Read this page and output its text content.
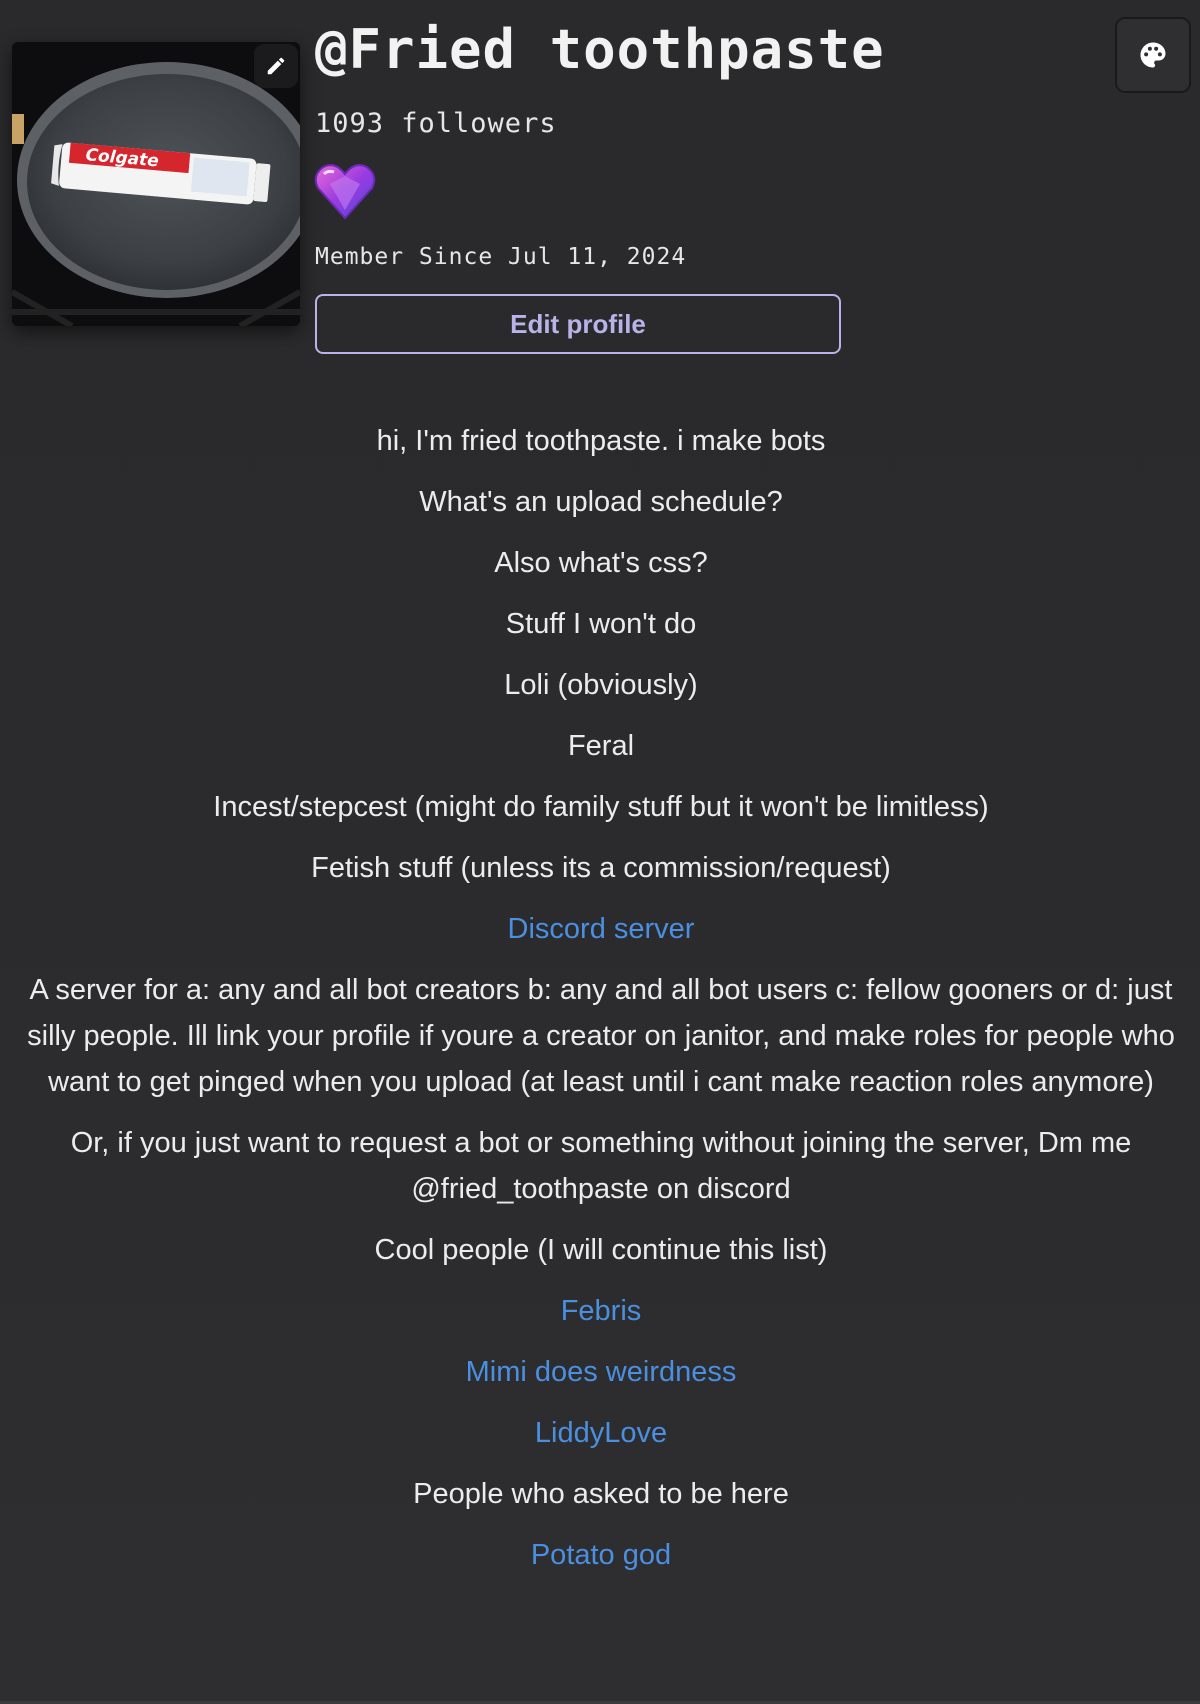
Colgate
@Fried toothpaste
1093 followers
Member Since Jul 11, 2024
Edit profile

hi, I'm fried toothpaste. i make bots

What's an upload schedule?

Also what's css?

Stuff I won't do

Loli (obviously)

Feral

Incest/stepcest (might do family stuff but it won't be limitless)

Fetish stuff (unless its a commission/request)

Discord server

A server for a: any and all bot creators b: any and all bot users c: fellow gooners or d: just silly people. Ill link your profile if youre a creator on janitor, and make roles for people who want to get pinged when you upload (at least until i cant make reaction roles anymore)

Or, if you just want to request a bot or something without joining the server, Dm me @fried_toothpaste on discord

Cool people (I will continue this list)

Febris

Mimi does weirdness

LiddyLove

People who asked to be here

Potato god
